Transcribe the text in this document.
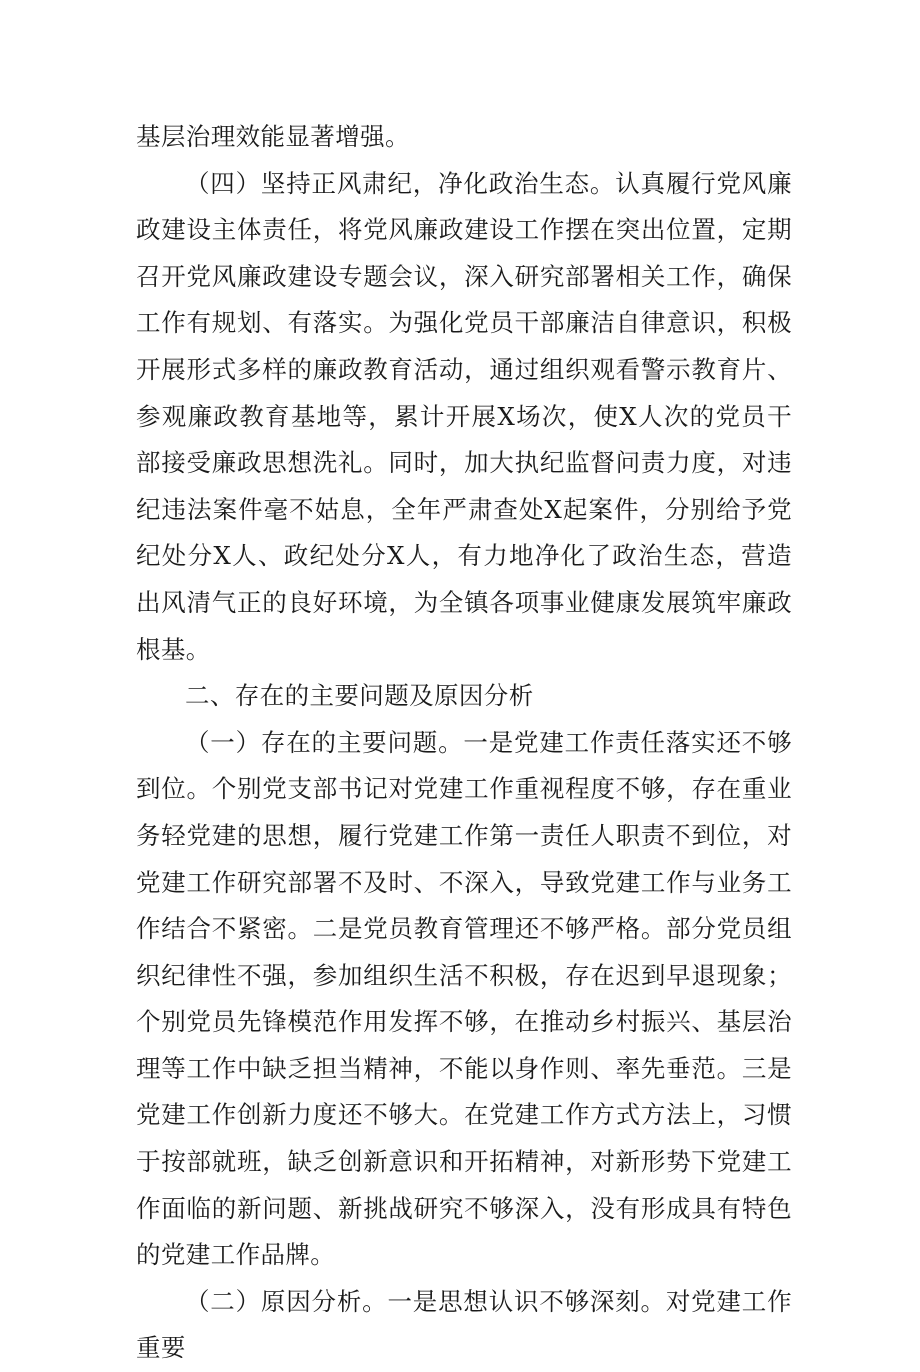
基层治理效能显著增强。

（四）坚持正风肃纪，净化政治生态。认真履行党风廉政建设主体责任，将党风廉政建设工作摆在突出位置，定期召开党风廉政建设专题会议，深入研究部署相关工作，确保工作有规划、有落实。为强化党员干部廉洁自律意识，积极开展形式多样的廉政教育活动，通过组织观看警示教育片、参观廉政教育基地等，累计开展X场次，使X人次的党员干部接受廉政思想洗礼。同时，加大执纪监督问责力度，对违纪违法案件毫不姑息，全年严肃查处X起案件，分别给予党纪处分X人、政纪处分X人，有力地净化了政治生态，营造出风清气正的良好环境，为全镇各项事业健康发展筑牢廉政根基。

二、存在的主要问题及原因分析

（一）存在的主要问题。一是党建工作责任落实还不够到位。个别党支部书记对党建工作重视程度不够，存在重业务轻党建的思想，履行党建工作第一责任人职责不到位，对党建工作研究部署不及时、不深入，导致党建工作与业务工作结合不紧密。二是党员教育管理还不够严格。部分党员组织纪律性不强，参加组织生活不积极，存在迟到早退现象；个别党员先锋模范作用发挥不够，在推动乡村振兴、基层治理等工作中缺乏担当精神，不能以身作则、率先垂范。三是党建工作创新力度还不够大。在党建工作方式方法上，习惯于按部就班，缺乏创新意识和开拓精神，对新形势下党建工作面临的新问题、新挑战研究不够深入，没有形成具有特色的党建工作品牌。

（二）原因分析。一是思想认识不够深刻。对党建工作重要
